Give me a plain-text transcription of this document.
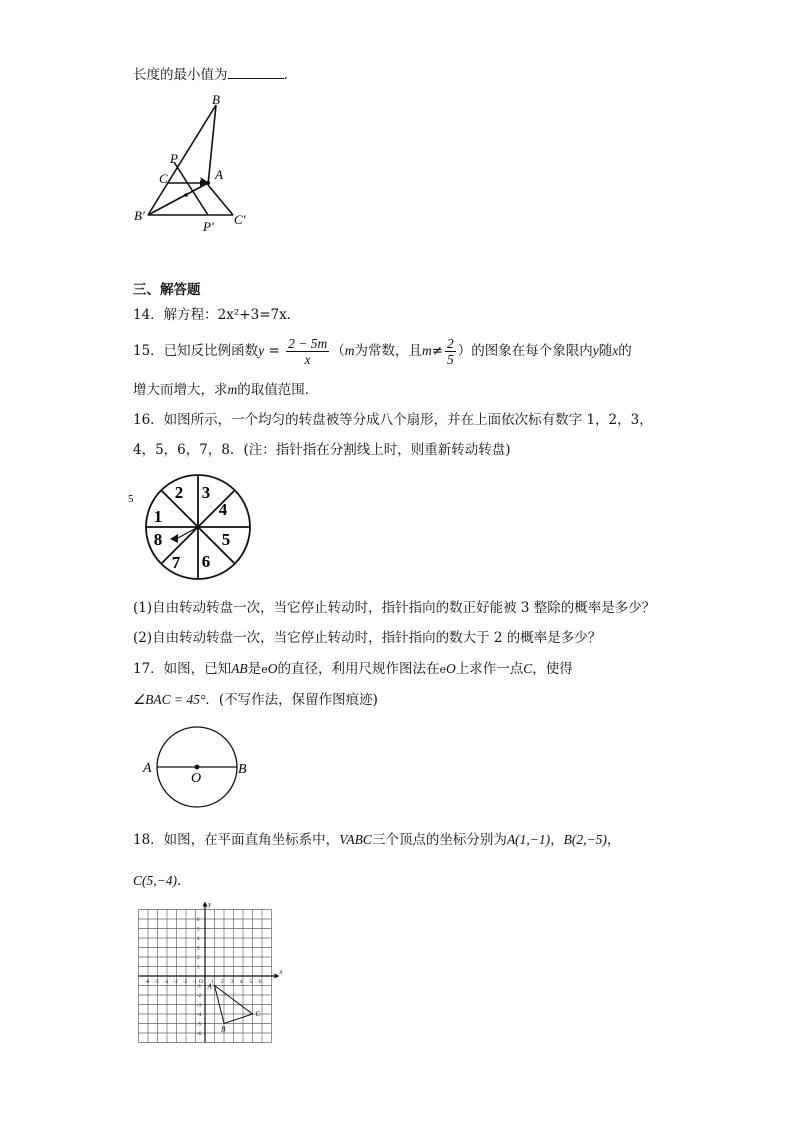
长度的最小值为	.
B
P
C	A
B′
P′ C′
三、解答题
14．解方程：2x²+3=7x．
15．已知反比例函数$y = \frac{2 - 5m}{x} (m$为常数，且$m\ne \frac{2}{5}$ ）的图象在每个象限内y随x的
增大而增大，求m的取值范围．
16．如图所示，一个均匀的转盘被等分成八个扇形，并在上面依次标有数字 1，2，3，
4，5，6，7，8．(注：指针指在分割线上时，则重新转动转盘)
5 2 3
4
5
6
7
8
1
(1)自由转动转盘一次，当它停止转动时，指针指向的数正好能被 3 整除的概率是多少？
(2)自由转动转盘一次，当它停止转动时，指针指向的数大于 2 的概率是多少？
17．如图，已知AB是eO的直径，利用尺规作图法在eO上求作一点C，使得
∠BAC = 45°．(不写作法，保留作图痕迹)
A
O
B
18．如图，在平面直角坐标系中，VABC三个顶点的坐标分别为A(1,−1)，B(2,−5)，
C(5,−4)．
x
y
O
-6 -5 -4 -3 -2 -1	1 2 3 4 5 6
6
5
4
3
2
1
-1
-2
-3
-4
-5
-6
A
B
C
